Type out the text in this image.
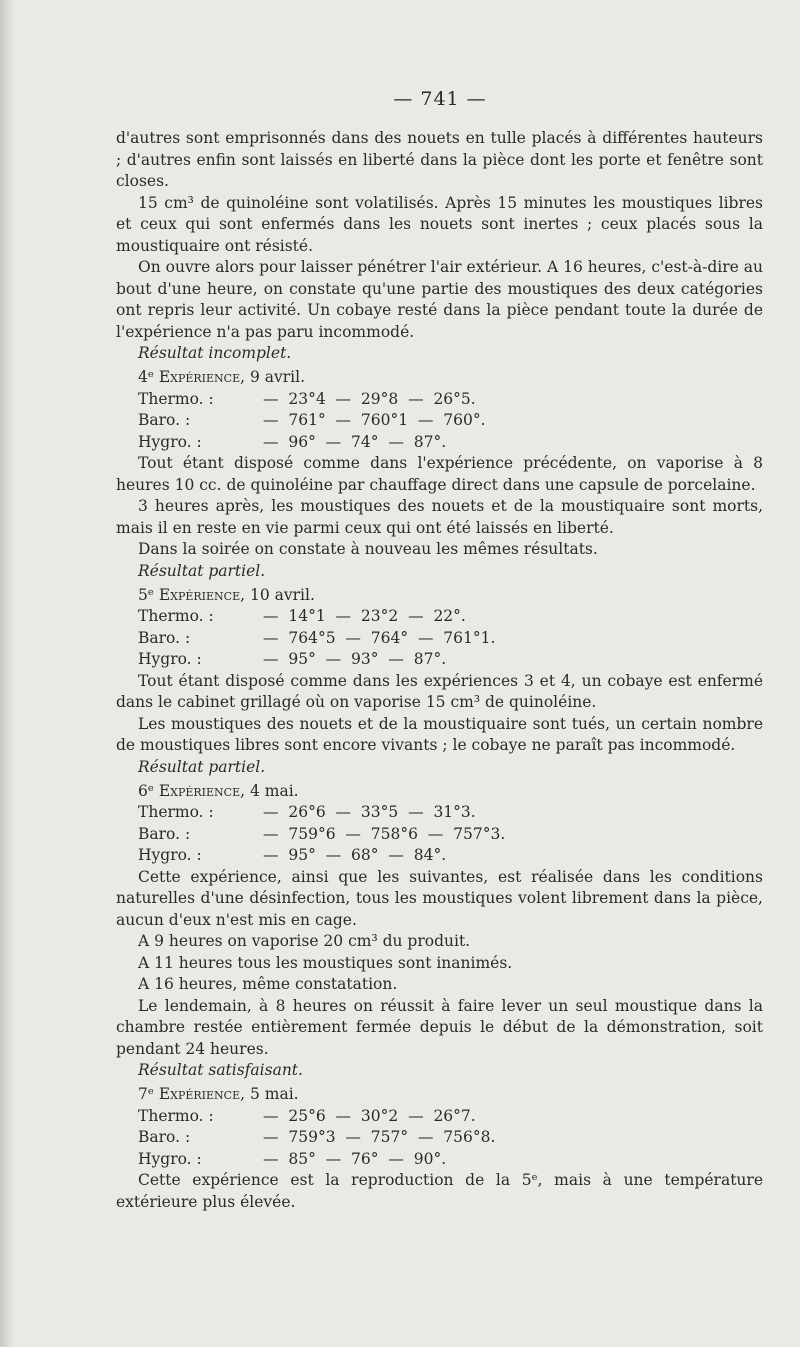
— 741 —

d'autres sont emprisonnés dans des nouets en tulle placés à différentes hauteurs ; d'autres enfin sont laissés en liberté dans la pièce dont les porte et fenêtre sont closes.

15 cm³ de quinoléine sont volatilisés. Après 15 minutes les moustiques libres et ceux qui sont enfermés dans les nouets sont inertes ; ceux placés sous la moustiquaire ont résisté.

On ouvre alors pour laisser pénétrer l'air extérieur. A 16 heures, c'est-à-dire au bout d'une heure, on constate qu'une partie des moustiques des deux catégories ont repris leur activité. Un cobaye resté dans la pièce pendant toute la durée de l'expérience n'a pas paru incommodé.

Résultat incomplet.

4ᵉ Expérience, 9 avril.
Thermo. :	—  23°4  —  29°8  —  26°5.
Baro. :	—  761°  —  760°1  —  760°.
Hygro. :	—  96°  —  74°  —  87°.

Tout étant disposé comme dans l'expérience précédente, on vaporise à 8 heures 10 cc. de quinoléine par chauffage direct dans une capsule de porcelaine.

3 heures après, les moustiques des nouets et de la moustiquaire sont morts, mais il en reste en vie parmi ceux qui ont été laissés en liberté.

Dans la soirée on constate à nouveau les mêmes résultats.

Résultat partiel.

5ᵉ Expérience, 10 avril.
Thermo. :	—  14°1  —  23°2  —  22°.
Baro. :	—  764°5  —  764°  —  761°1.
Hygro. :	—  95°  —  93°  —  87°.

Tout étant disposé comme dans les expériences 3 et 4, un cobaye est enfermé dans le cabinet grillagé où on vaporise 15 cm³ de quinoléine.

Les moustiques des nouets et de la moustiquaire sont tués, un certain nombre de moustiques libres sont encore vivants ; le cobaye ne paraît pas incommodé.

Résultat partiel.

6ᵉ Expérience, 4 mai.
Thermo. :	—  26°6  —  33°5  —  31°3.
Baro. :	—  759°6  —  758°6  —  757°3.
Hygro. :	—  95°  —  68°  —  84°.

Cette expérience, ainsi que les suivantes, est réalisée dans les conditions naturelles d'une désinfection, tous les moustiques volent librement dans la pièce, aucun d'eux n'est mis en cage.

A 9 heures on vaporise 20 cm³ du produit.

A 11 heures tous les moustiques sont inanimés.

A 16 heures, même constatation.

Le lendemain, à 8 heures on réussit à faire lever un seul moustique dans la chambre restée entièrement fermée depuis le début de la démonstration, soit pendant 24 heures.

Résultat satisfaisant.

7ᵉ Expérience, 5 mai.
Thermo. :	—  25°6  —  30°2  —  26°7.
Baro. :	—  759°3  —  757°  —  756°8.
Hygro. :	—  85°  —  76°  —  90°.

Cette expérience est la reproduction de la 5ᵉ, mais à une température extérieure plus élevée.
